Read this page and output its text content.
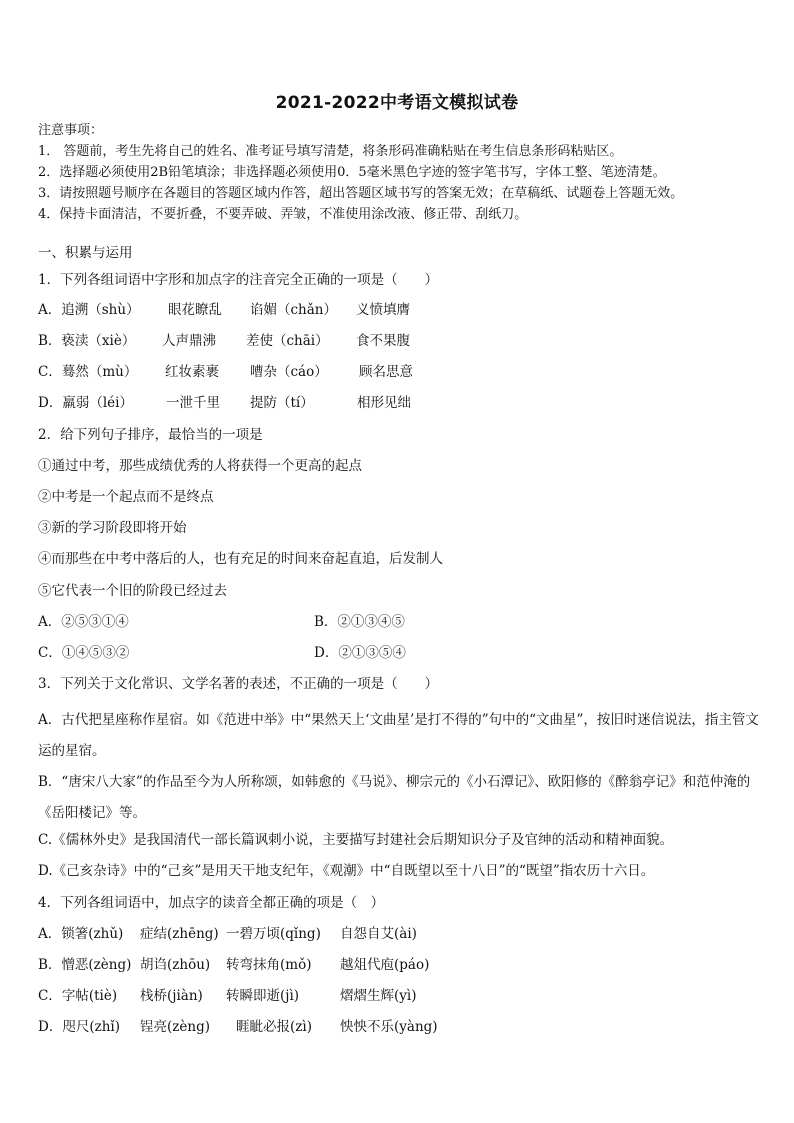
2021-2022中考语文模拟试卷
注意事项：
1． 答题前，考生先将自己的姓名、准考证号填写清楚，将条形码准确粘贴在考生信息条形码粘贴区。
2．选择题必须使用2B铅笔填涂；非选择题必须使用0．5毫米黑色字迹的签字笔书写，字体工整、笔迹清楚。
3．请按照题号顺序在各题目的答题区域内作答，超出答题区域书写的答案无效；在草稿纸、试题卷上答题无效。
4．保持卡面清洁，不要折叠，不要弄破、弄皱，不准使用涂改液、修正带、刮纸刀。
一、积累与运用
1．下列各组词语中字形和加点字的注音完全正确的一项是（　　）
A．追溯（shù） 眼花瞭乱 谄媚（chǎn） 义愤填膺
B．亵渎（xiè） 人声鼎沸 差使（chāi） 食不果腹
C．蓦然（mù） 红妆素裹 嘈杂（cáo） 顾名思意
D．羸弱（léi） 一泄千里 提防（tí）	相形见绌
2．给下列句子排序，最恰当的一项是
①通过中考，那些成绩优秀的人将获得一个更高的起点
②中考是一个起点而不是终点
③新的学习阶段即将开始
④而那些在中考中落后的人，也有充足的时间来奋起直追，后发制人
⑤它代表一个旧的阶段已经过去
A．②⑤③①④	B．②①③④⑤
C．①④⑤③②	D．②①③⑤④
3．下列关于文化常识、文学名著的表述，不正确的一项是（　　）
A．古代把星座称作星宿。如《范进中举》中“果然天上‘文曲星’是打不得的”句中的“文曲星”，按旧时迷信说法，指主管文运的星宿。
B．“唐宋八大家”的作品至今为人所称颂，如韩愈的《马说》、柳宗元的《小石潭记》、欧阳修的《醉翁亭记》和范仲淹的《岳阳楼记》等。
C.《儒林外史》是我国清代一部长篇讽刺小说，主要描写封建社会后期知识分子及官绅的活动和精神面貌。
D.《己亥杂诗》中的“己亥”是用天干地支纪年，《观潮》中“自既望以至十八日”的“既望”指农历十六日。
4．下列各组词语中，加点字的读音全都正确的项是（　）
A．锁箸(zhǔ) 症结(zhēng) 一碧万顷(qǐng) 自怨自艾(ài)
B．憎恶(zèng) 胡诌(zhōu) 转弯抹角(mǒ) 越俎代庖(páo)
C．字帖(tiè) 栈桥(jiàn) 转瞬即逝(jì)	熠熠生辉(yì)
D．咫尺(zhǐ) 锃亮(zèng) 睚眦必报(zì) 怏怏不乐(yàng)
